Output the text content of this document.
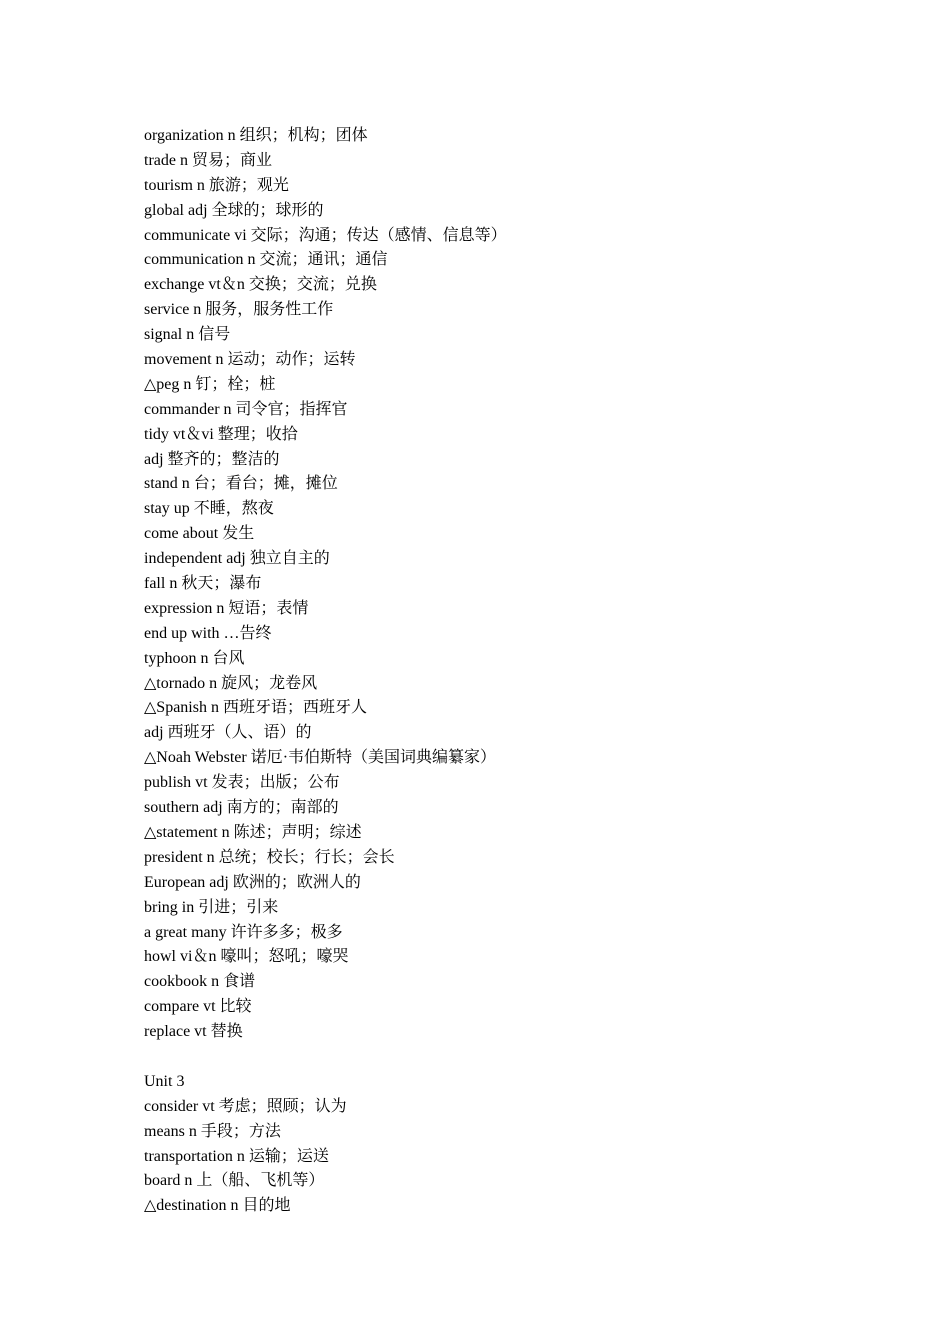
organization n 组织；机构；团体
trade n 贸易；商业
tourism n 旅游；观光
global adj 全球的；球形的
communicate vi 交际；沟通；传达（感情、信息等）
communication n 交流；通讯；通信
exchange vt＆n 交换；交流；兑换
service n 服务，服务性工作
signal n 信号
movement n 运动；动作；运转
△peg n 钉；栓；桩
commander n 司令官；指挥官
tidy vt＆vi 整理；收拾
adj 整齐的；整洁的
stand n 台；看台；摊，摊位
stay up 不睡，熬夜
come about 发生
independent adj 独立自主的
fall n 秋天；瀑布
expression n 短语；表情
end up with …告终
typhoon n 台风
△tornado n 旋风；龙卷风
△Spanish n 西班牙语；西班牙人
adj 西班牙（人、语）的
△Noah Webster 诺厄·韦伯斯特（美国词典编纂家）
publish vt 发表；出版；公布
southern adj 南方的；南部的
△statement n 陈述；声明；综述
president n 总统；校长；行长；会长
European adj 欧洲的；欧洲人的
bring in 引进；引来
a great many 许许多多；极多
howl vi＆n 嚎叫；怒吼；嚎哭
cookbook n 食谱
compare vt 比较
replace vt 替换
Unit 3
consider vt 考虑；照顾；认为
means n 手段；方法
transportation n 运输；运送
board n 上（船、飞机等）
△destination n 目的地
